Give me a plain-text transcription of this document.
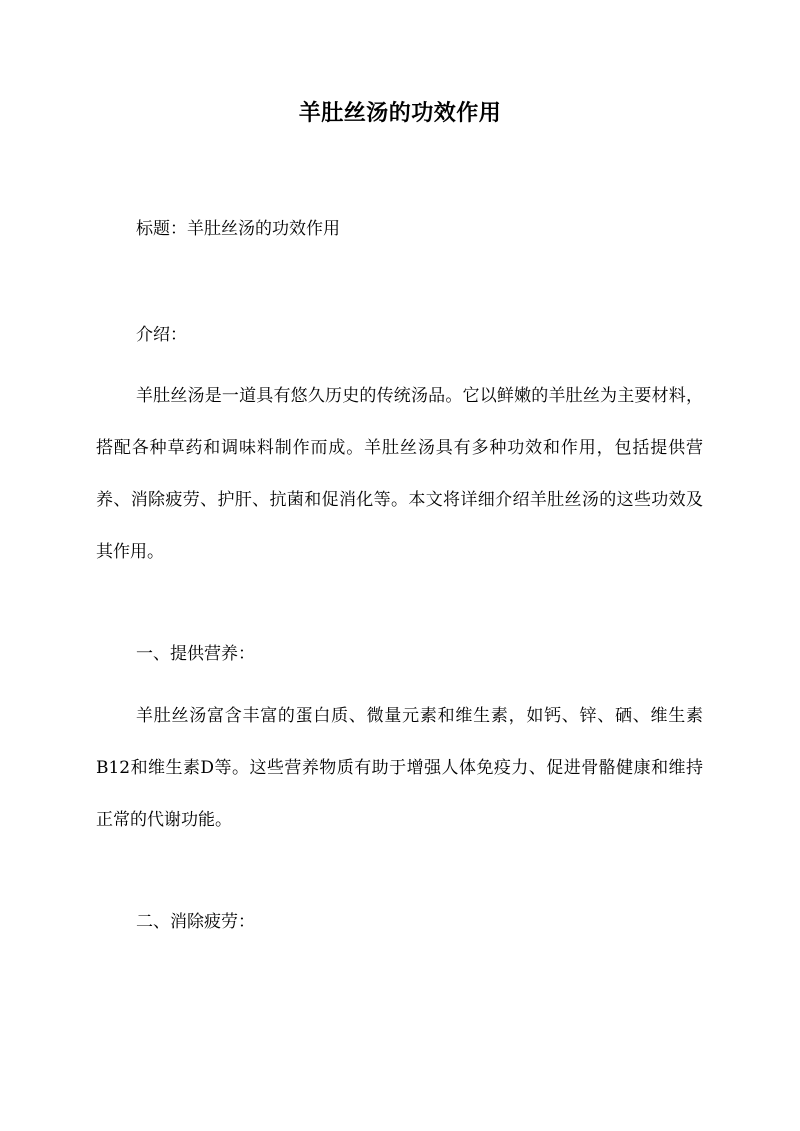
羊肚丝汤的功效作用
标题：羊肚丝汤的功效作用
介绍：
羊肚丝汤是一道具有悠久历史的传统汤品。它以鲜嫩的羊肚丝为主要材料，搭配各种草药和调味料制作而成。羊肚丝汤具有多种功效和作用，包括提供营养、消除疲劳、护肝、抗菌和促消化等。本文将详细介绍羊肚丝汤的这些功效及其作用。
一、提供营养：
羊肚丝汤富含丰富的蛋白质、微量元素和维生素，如钙、锌、硒、维生素B12和维生素D等。这些营养物质有助于增强人体免疫力、促进骨骼健康和维持正常的代谢功能。
二、消除疲劳：
